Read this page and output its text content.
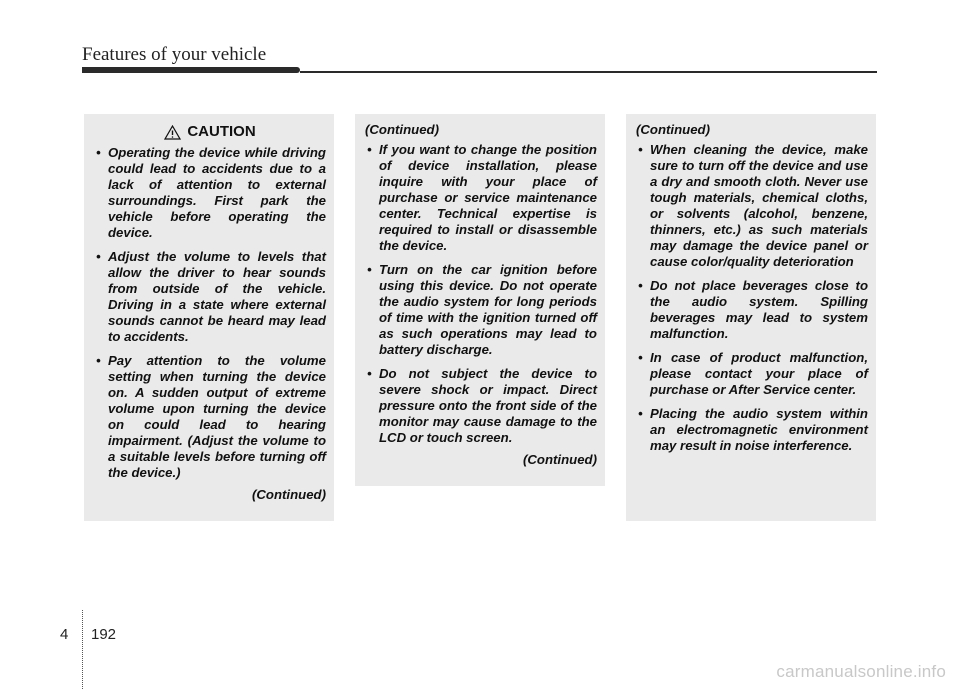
Features of your vehicle
CAUTION
• Operating the device while driving could lead to accidents due to a lack of attention to external surroundings. First park the vehicle before operating the device.
• Adjust the volume to levels that allow the driver to hear sounds from outside of the vehicle. Driving in a state where external sounds cannot be heard may lead to accidents.
• Pay attention to the volume setting when turning the device on. A sudden output of extreme volume upon turning the device on could lead to hearing impairment. (Adjust the volume to a suitable levels before turning off the device.)
(Continued)
(Continued)
• If you want to change the position of device installation, please inquire with your place of purchase or service maintenance center. Technical expertise is required to install or disassemble the device.
• Turn on the car ignition before using this device. Do not operate the audio system for long periods of time with the ignition turned off as such operations may lead to battery discharge.
• Do not subject the device to severe shock or impact. Direct pressure onto the front side of the monitor may cause damage to the LCD or touch screen.
(Continued)
(Continued)
• When cleaning the device, make sure to turn off the device and use a dry and smooth cloth. Never use tough materials, chemical cloths, or solvents (alcohol, benzene, thinners, etc.) as such materials may damage the device panel or cause color/quality deterioration
• Do not place beverages close to the audio system. Spilling beverages may lead to system malfunction.
• In case of product malfunction, please contact your place of purchase or After Service center.
• Placing the audio system within an electromagnetic environment may result in noise interference.
4 192
carmanualsonline.info
